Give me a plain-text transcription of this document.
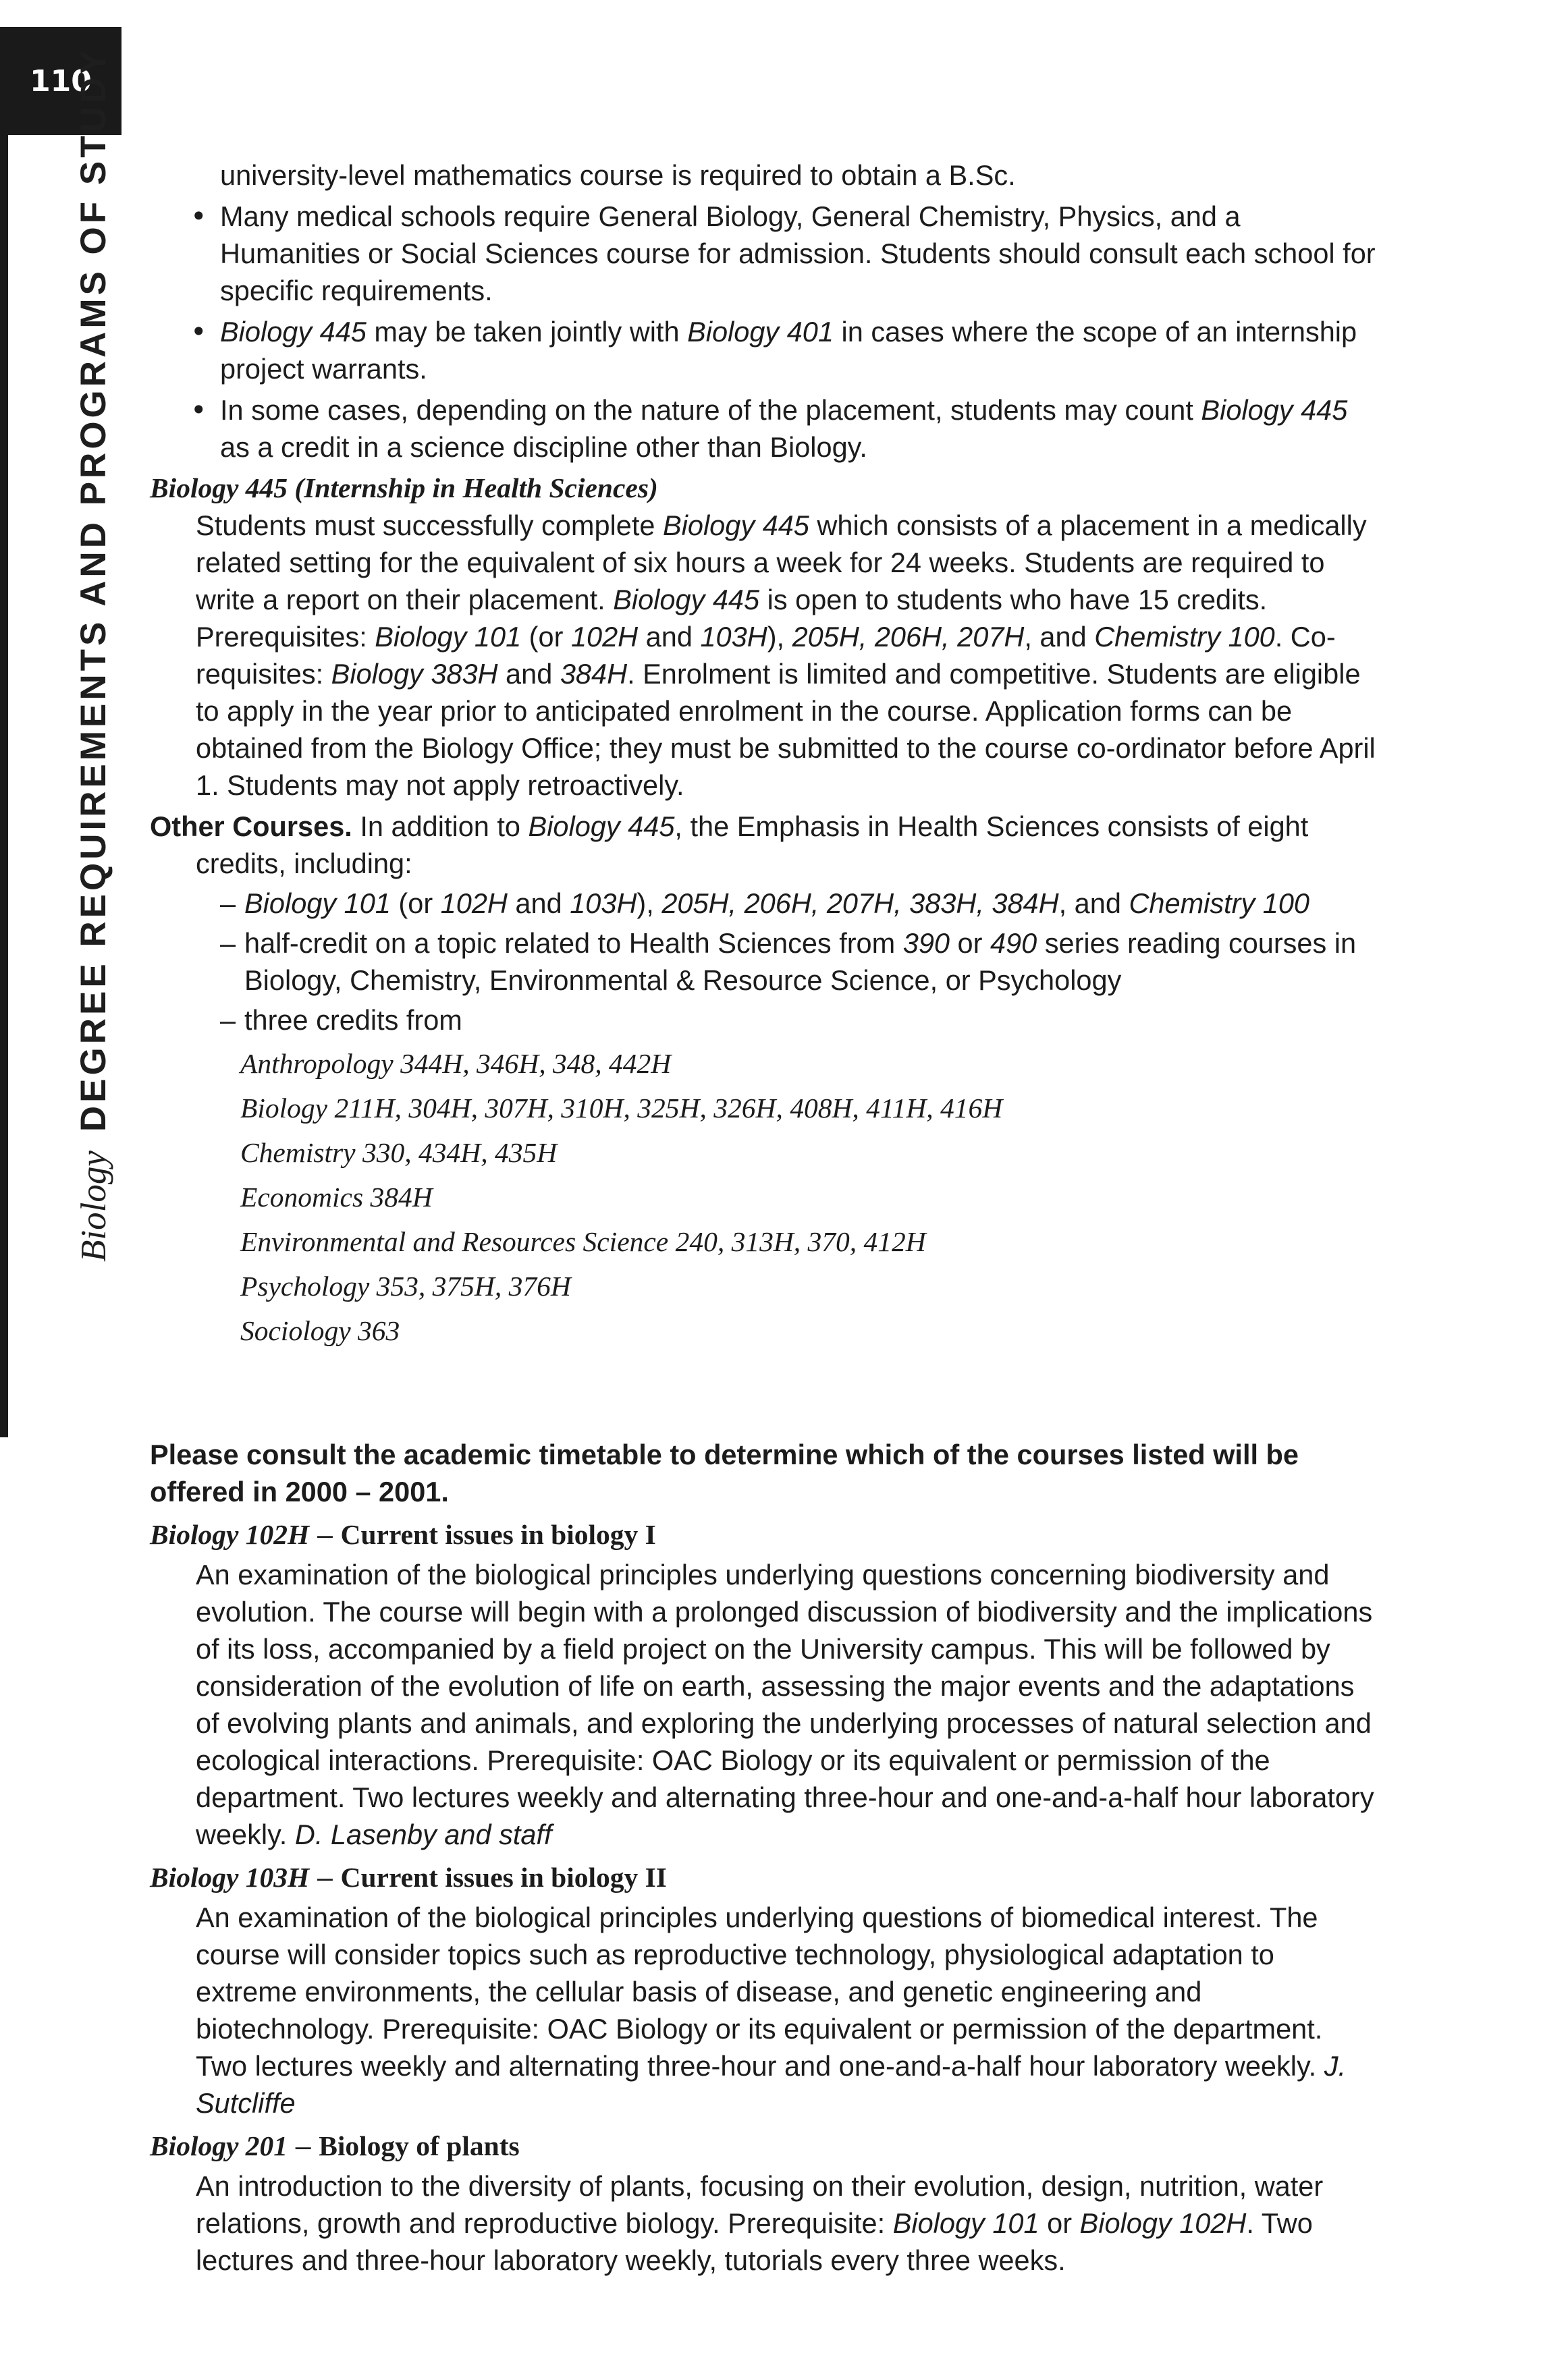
110
BiologyDEGREE REQUIREMENTS AND PROGRAMS OF STUDY	university-level mathematics course is required to obtain a B.Sc.
• Many medical schools require General Biology, General Chemistry, Physics, and a Humanities or Social Sciences course for admission. Students should consult each school for specific requirements.
• Biology 445 may be taken jointly with Biology 401 in cases where the scope of an internship project warrants.
• In some cases, depending on the nature of the placement, students may count Biology 445 as a credit in a science discipline other than Biology.
Biology 445 (Internship in Health Sciences)
Students must successfully complete Biology 445 which consists of a placement in a medically related setting for the equivalent of six hours a week for 24 weeks. Students are required to write a report on their placement. Biology 445 is open to students who have 15 credits. Prerequisites: Biology 101 (or 102H and 103H), 205H, 206H, 207H, and Chemistry 100. Co-requisites: Biology 383H and 384H. Enrolment is limited and competitive. Students are eligible to apply in the year prior to anticipated enrolment in the course. Application forms can be obtained from the Biology Office; they must be submitted to the course co-ordinator before April 1. Students may not apply retroactively.
Other Courses. In addition to Biology 445, the Emphasis in Health Sciences consists of eight credits, including:
– Biology 101 (or 102H and 103H), 205H, 206H, 207H, 383H, 384H, and Chemistry 100
– half-credit on a topic related to Health Sciences from 390 or 490 series reading courses in Biology, Chemistry, Environmental & Resource Science, or Psychology
– three credits from
Anthropology 344H, 346H, 348, 442H
Biology 211H, 304H, 307H, 310H, 325H, 326H, 408H, 411H, 416H
Chemistry 330, 434H, 435H
Economics 384H
Environmental and Resources Science 240, 313H, 370, 412H
Psychology 353, 375H, 376H
Sociology 363
Please consult the academic timetable to determine which of the courses listed will be offered in 2000 – 2001.
Biology 102H – Current issues in biology I
An examination of the biological principles underlying questions concerning biodiversity and evolution. The course will begin with a prolonged discussion of biodiversity and the implications of its loss, accompanied by a field project on the University campus. This will be followed by consideration of the evolution of life on earth, assessing the major events and the adaptations of evolving plants and animals, and exploring the underlying processes of natural selection and ecological interactions. Prerequisite: OAC Biology or its equivalent or permission of the department. Two lectures weekly and alternating three-hour and one-and-a-half hour laboratory weekly. D. Lasenby and staff
Biology 103H – Current issues in biology II
An examination of the biological principles underlying questions of biomedical interest. The course will consider topics such as reproductive technology, physiological adaptation to extreme environments, the cellular basis of disease, and genetic engineering and biotechnology. Prerequisite: OAC Biology or its equivalent or permission of the department. Two lectures weekly and alternating three-hour and one-and-a-half hour laboratory weekly. J. Sutcliffe
Biology 201 – Biology of plants
An introduction to the diversity of plants, focusing on their evolution, design, nutrition, water relations, growth and reproductive biology. Prerequisite: Biology 101 or Biology 102H. Two lectures and three-hour laboratory weekly, tutorials every three weeks.
